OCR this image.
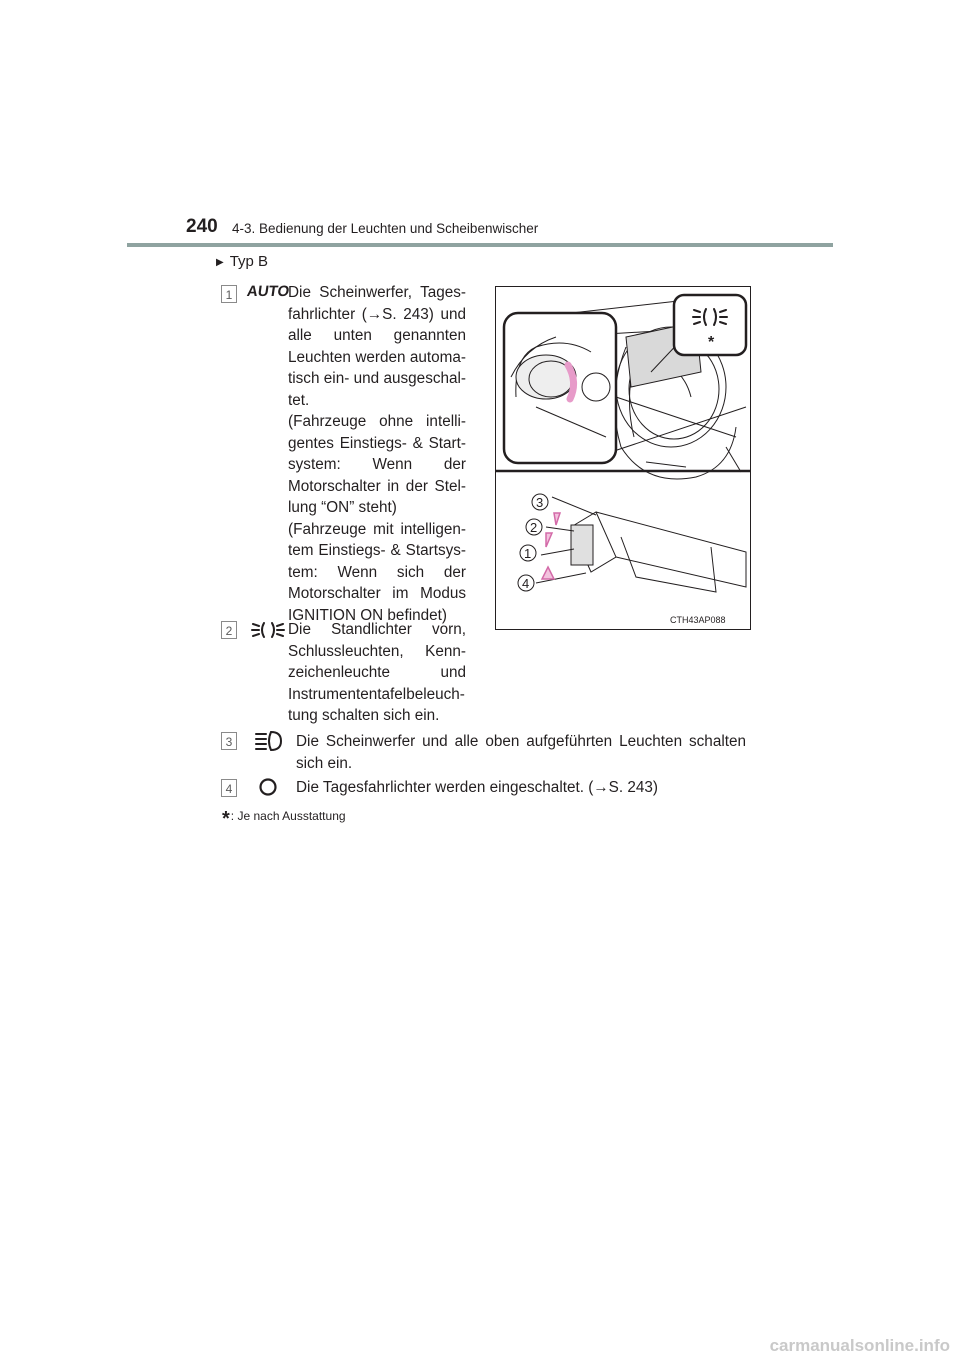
240 4-3. Bedienung der Leuchten und Scheibenwischer
▶ Typ B
1 AUTO

Die Scheinwerfer, Tages-fahrlichter (→S. 243) und alle unten genannten Leuchten werden automa-tisch ein- und ausgeschal-tet.

(Fahrzeuge ohne intelli-gentes Einstiegs- & Start-system: Wenn der Motorschalter in der Stel-lung “ON” steht)

(Fahrzeuge mit intelligen-tem Einstiegs- & Startsys-tem: Wenn sich der Motorschalter im Modus IGNITION ON befindet)

2	Die Standlichter vorn, Schlussleuchten, Kenn-zeichenleuchte und Instrumententafelbeleuch-tung schalten sich ein.

3	Die Scheinwerfer und alle oben aufgeführten Leuchten schalten sich ein.

4	Die Tagesfahrlichter werden eingeschaltet. (→S. 243)

*
3
2
1
4
CTH43AP088
*: Je nach Ausstattung
carmanualsonline.info
